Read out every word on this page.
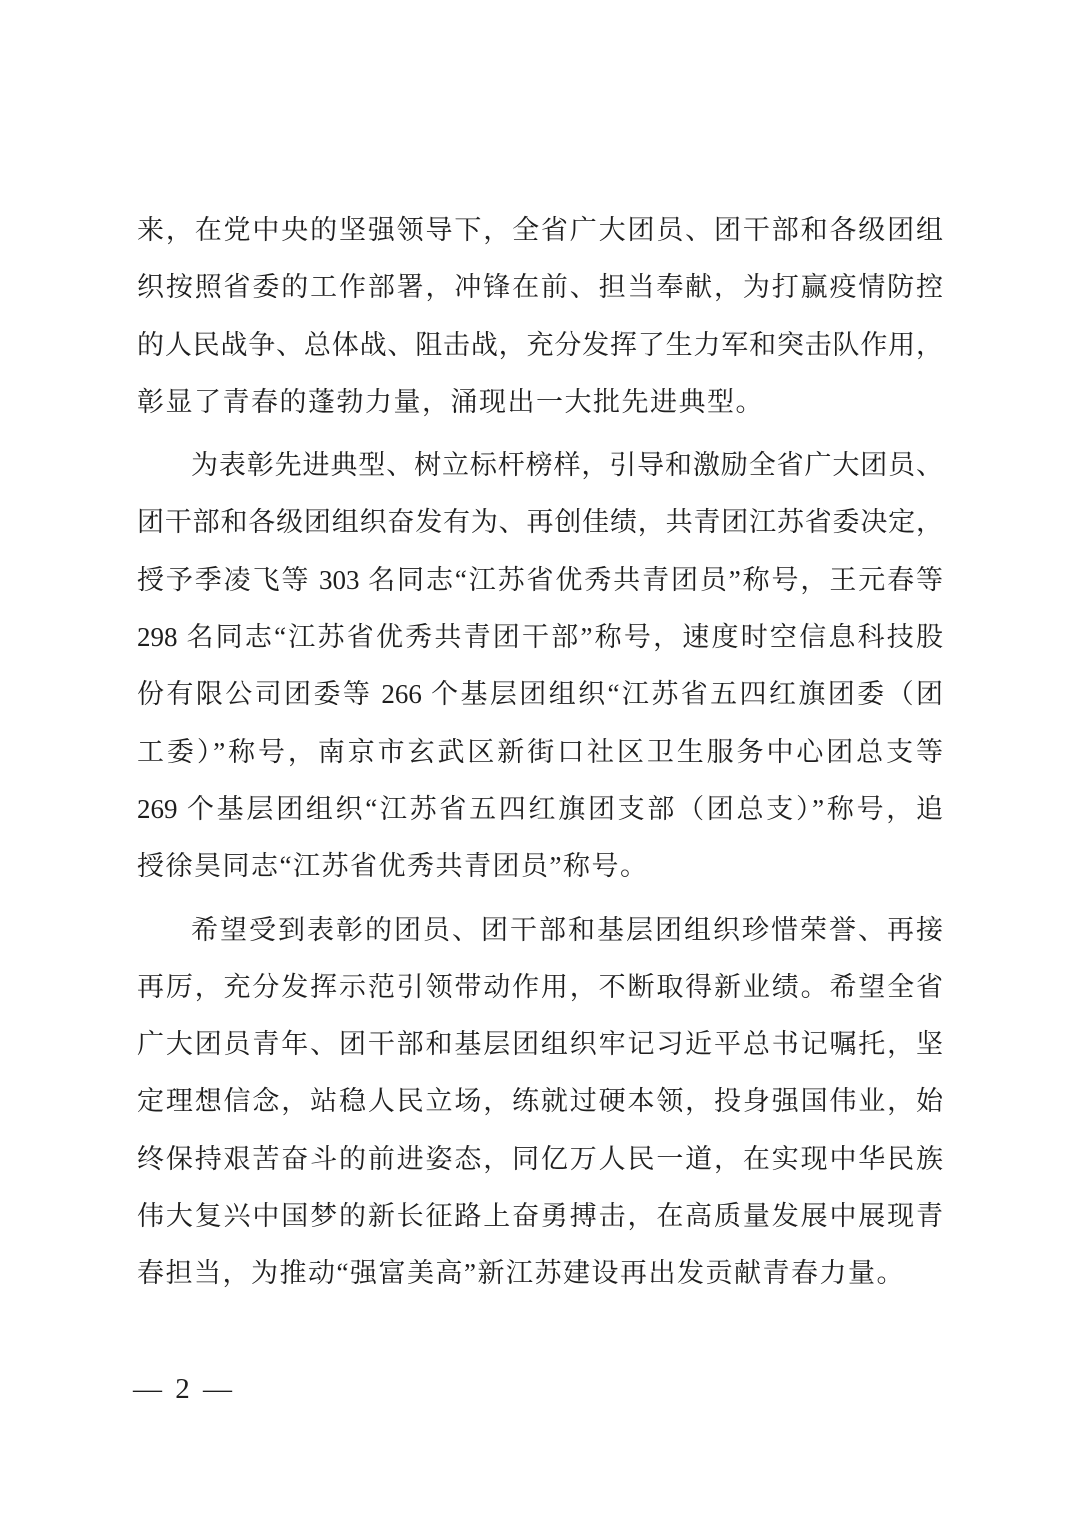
来，在党中央的坚强领导下，全省广大团员、团干部和各级团组
织按照省委的工作部署，冲锋在前、担当奉献，为打赢疫情防控
的人民战争、总体战、阻击战，充分发挥了生力军和突击队作用，
彰显了青春的蓬勃力量，涌现出一大批先进典型。
为表彰先进典型、树立标杆榜样，引导和激励全省广大团员、
团干部和各级团组织奋发有为、再创佳绩，共青团江苏省委决定，
授予季凌飞等 303 名同志“江苏省优秀共青团员”称号，王元春等
298 名同志“江苏省优秀共青团干部”称号，速度时空信息科技股
份有限公司团委等 266 个基层团组织“江苏省五四红旗团委（团
工委）”称号，南京市玄武区新街口社区卫生服务中心团总支等
269 个基层团组织“江苏省五四红旗团支部（团总支）”称号，追
授徐昊同志“江苏省优秀共青团员”称号。
希望受到表彰的团员、团干部和基层团组织珍惜荣誉、再接
再厉，充分发挥示范引领带动作用，不断取得新业绩。希望全省
广大团员青年、团干部和基层团组织牢记习近平总书记嘱托，坚
定理想信念，站稳人民立场，练就过硬本领，投身强国伟业，始
终保持艰苦奋斗的前进姿态，同亿万人民一道，在实现中华民族
伟大复兴中国梦的新长征路上奋勇搏击，在高质量发展中展现青
春担当，为推动“强富美高”新江苏建设再出发贡献青春力量。
— 2 —
